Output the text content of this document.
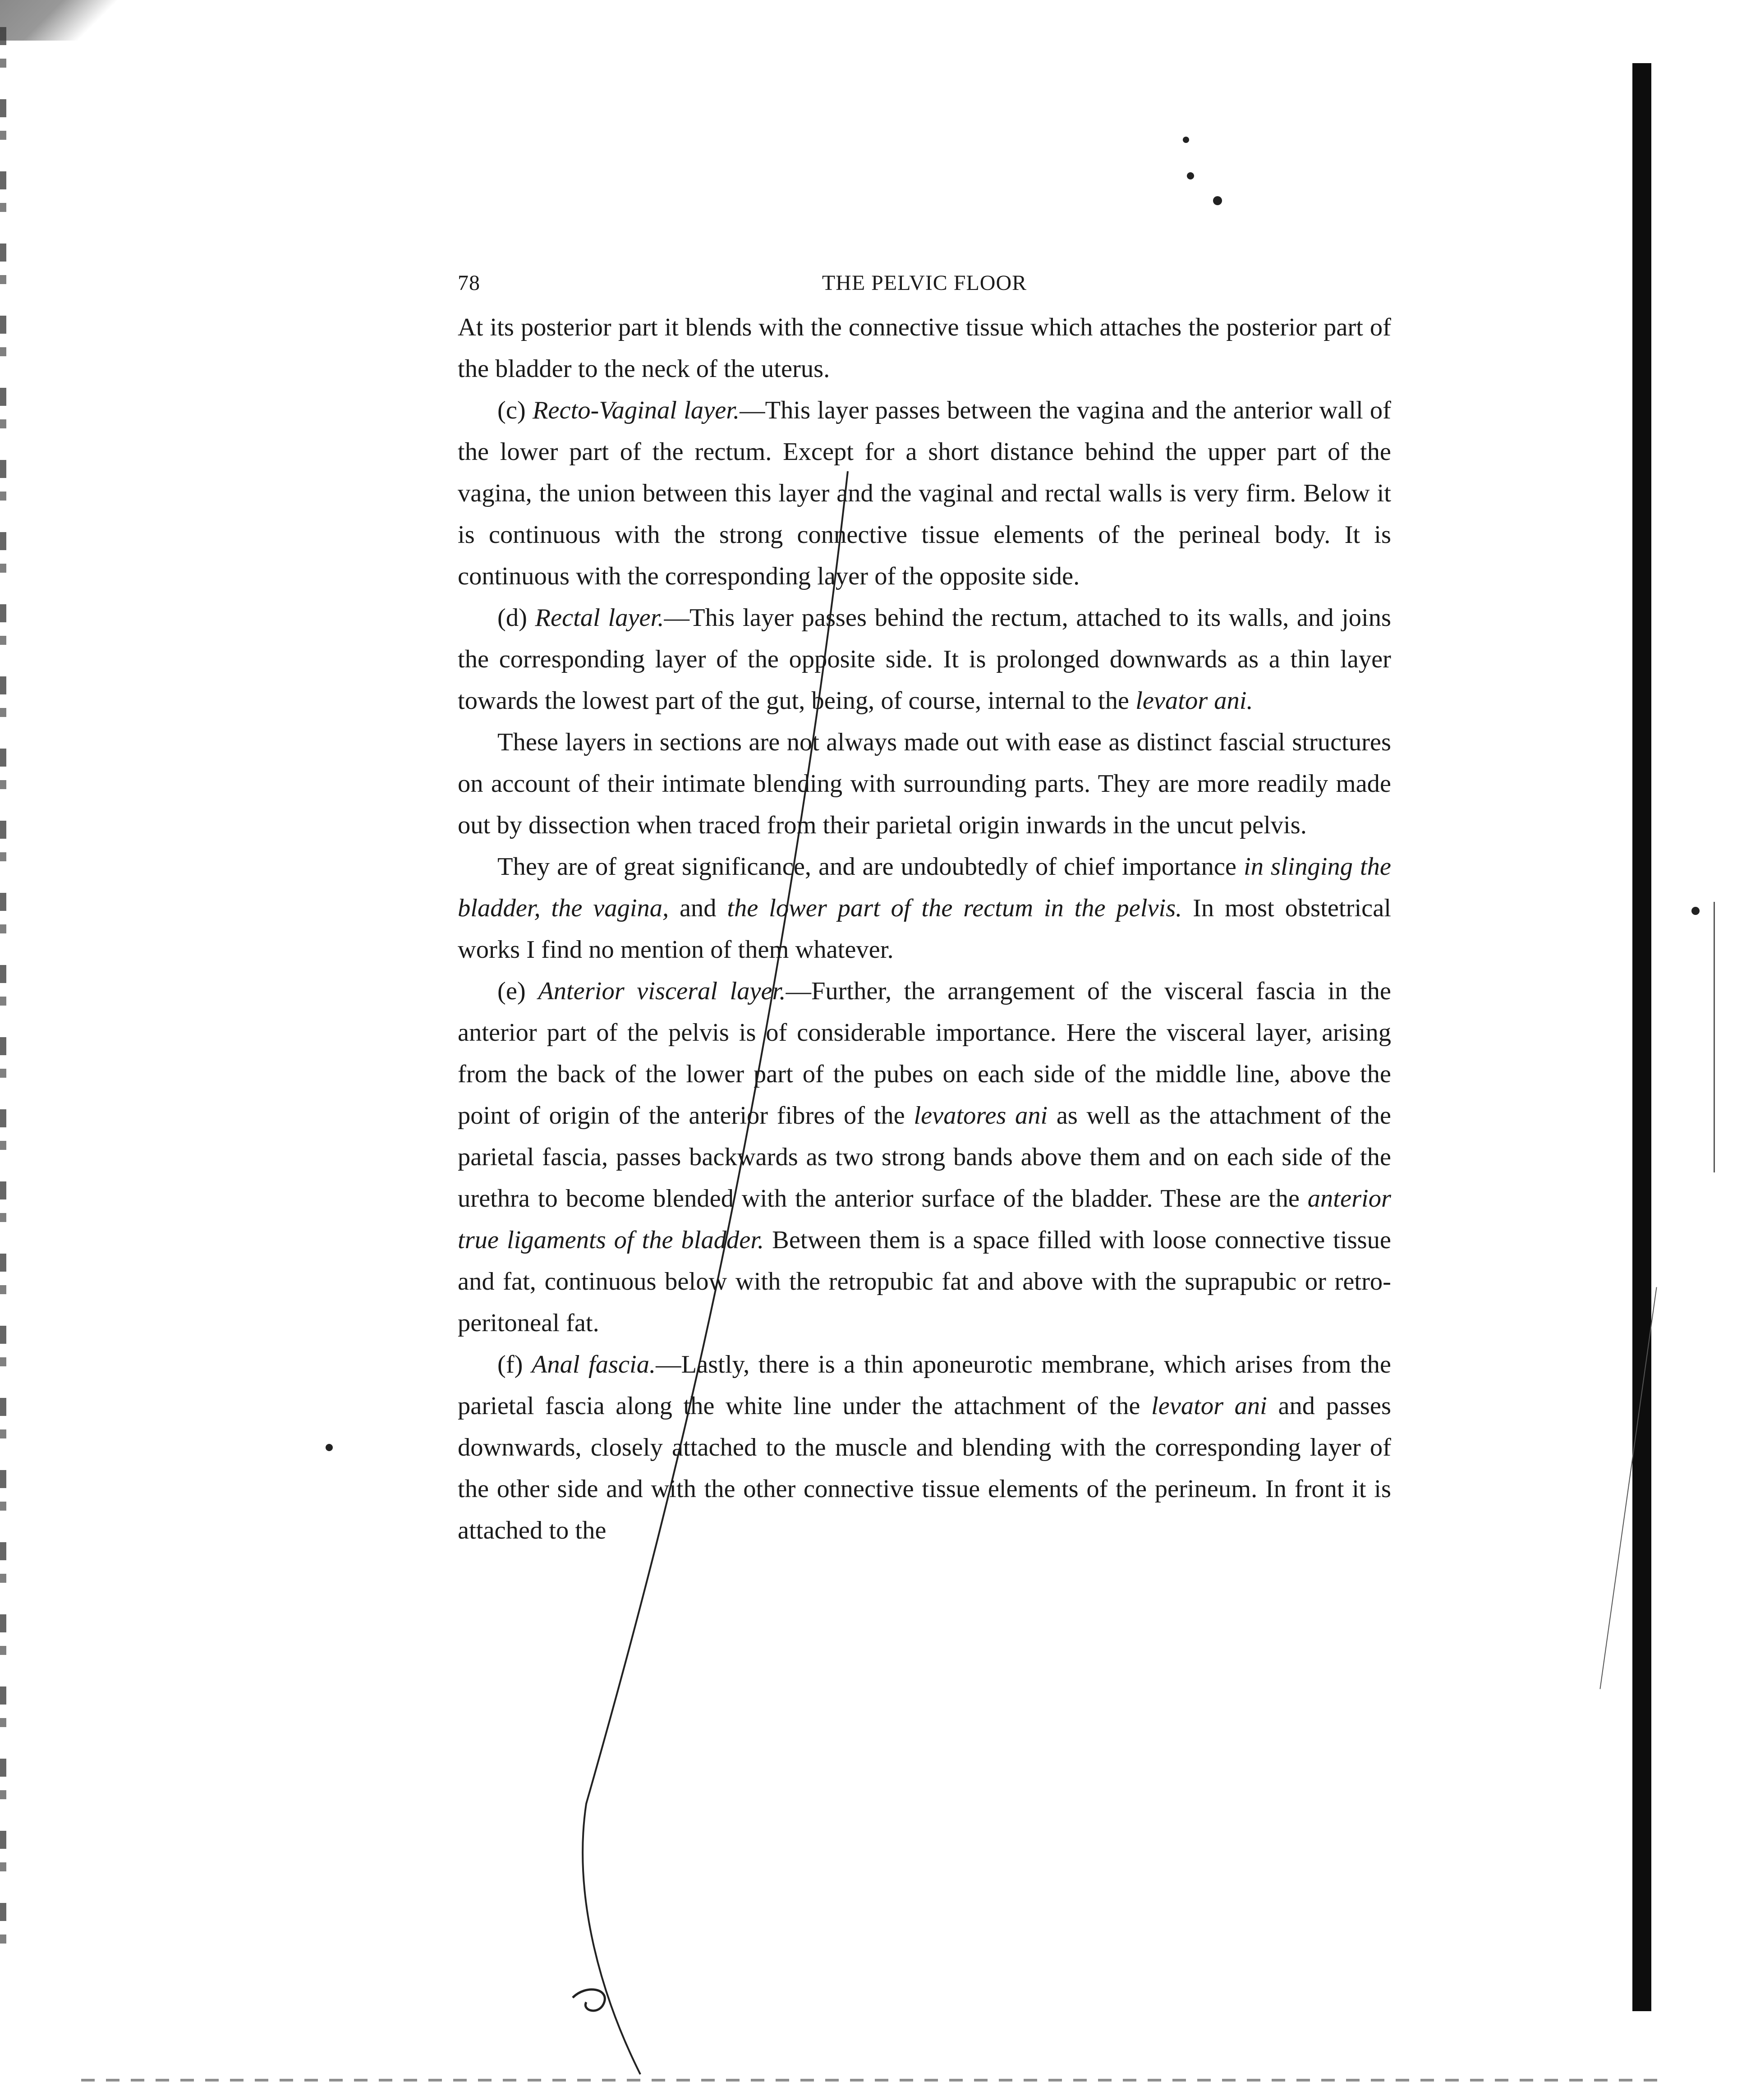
78	THE PELVIC FLOOR

At its posterior part it blends with the connective tissue which attaches the posterior part of the bladder to the neck of the uterus.

(c) Recto-Vaginal layer.—This layer passes between the vagina and the anterior wall of the lower part of the rectum. Except for a short distance behind the upper part of the vagina, the union between this layer and the vaginal and rectal walls is very firm. Below it is continuous with the strong connective tissue elements of the perineal body. It is continuous with the corresponding layer of the opposite side.

(d) Rectal layer.—This layer passes behind the rectum, attached to its walls, and joins the corresponding layer of the opposite side. It is prolonged downwards as a thin layer towards the lowest part of the gut, being, of course, internal to the levator ani.

These layers in sections are not always made out with ease as distinct fascial structures on account of their intimate blending with surrounding parts. They are more readily made out by dissection when traced from their parietal origin inwards in the uncut pelvis.

They are of great significance, and are undoubtedly of chief importance in slinging the bladder, the vagina, and the lower part of the rectum in the pelvis. In most obstetrical works I find no mention of them whatever.

(e) Anterior visceral layer.—Further, the arrangement of the visceral fascia in the anterior part of the pelvis is of considerable importance. Here the visceral layer, arising from the back of the lower part of the pubes on each side of the middle line, above the point of origin of the anterior fibres of the levatores ani as well as the attachment of the parietal fascia, passes backwards as two strong bands above them and on each side of the urethra to become blended with the anterior surface of the bladder. These are the anterior true ligaments of the bladder. Between them is a space filled with loose connective tissue and fat, continuous below with the retropubic fat and above with the suprapubic or retro-peritoneal fat.

(f) Anal fascia.—Lastly, there is a thin aponeurotic membrane, which arises from the parietal fascia along the white line under the attachment of the levator ani and passes downwards, closely attached to the muscle and blending with the corresponding layer of the other side and with the other connective tissue elements of the perineum. In front it is attached to the
